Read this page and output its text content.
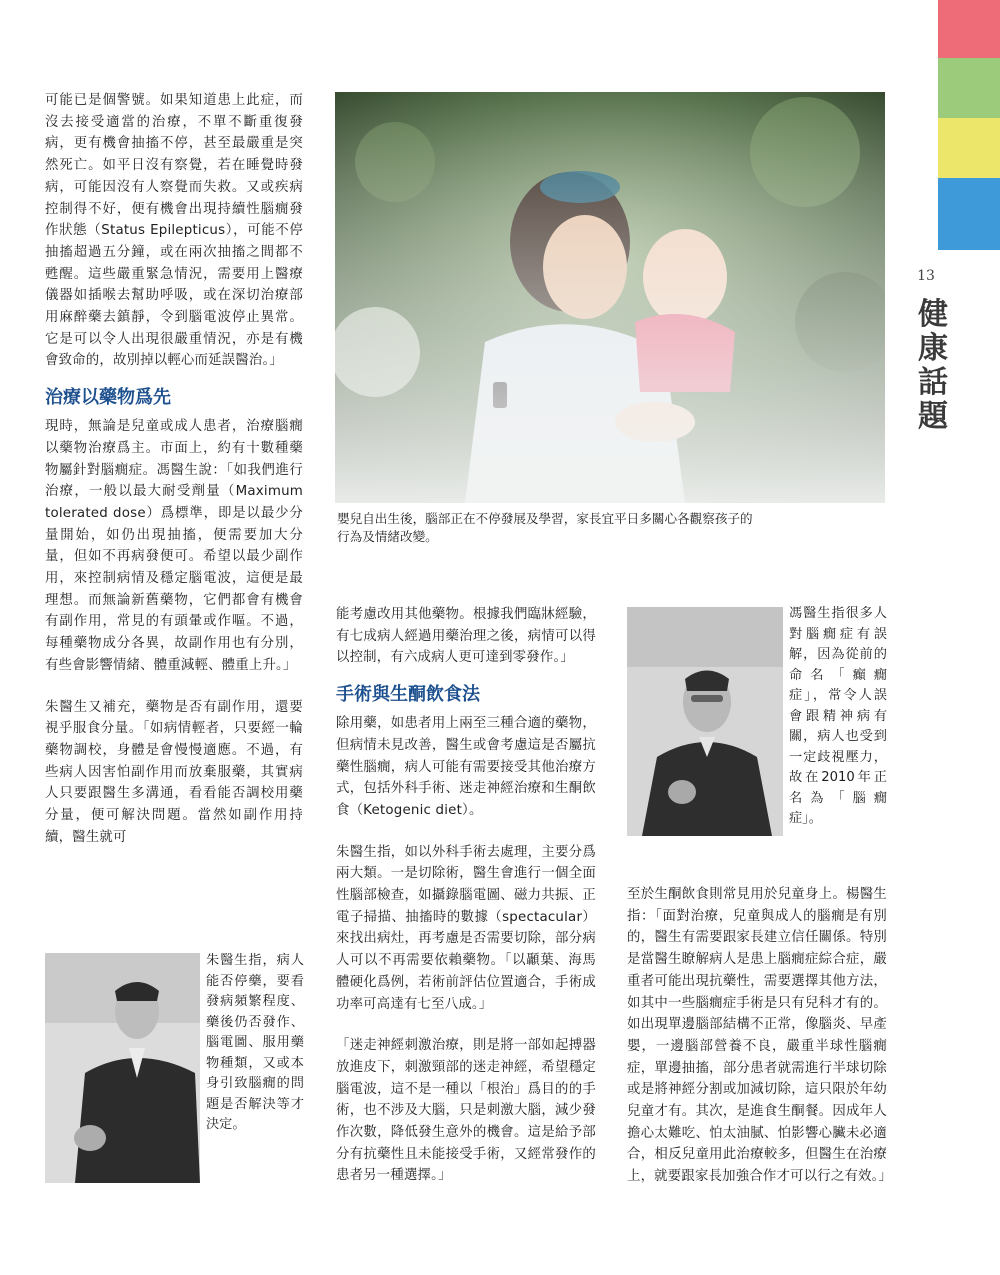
13
健
康
話
題

可能已是個警號。如果知道患上此症，而沒去接受適當的治療，不單不斷重復發病，更有機會抽搐不停，甚至最嚴重是突然死亡。如平日沒有察覺，若在睡覺時發病，可能因沒有人察覺而失救。又或疾病控制得不好，便有機會出現持續性腦癇發作狀態（Status Epilepticus），可能不停抽搐超過五分鐘，或在兩次抽搐之間都不甦醒。這些嚴重緊急情況，需要用上醫療儀器如插喉去幫助呼吸，或在深切治療部用麻醉藥去鎮靜，令到腦電波停止異常。它是可以令人出現很嚴重情況，亦是有機會致命的，故別掉以輕心而延誤醫治。」

治療以藥物爲先

現時，無論是兒童或成人患者，治療腦癇以藥物治療爲主。市面上，約有十數種藥物屬針對腦癇症。馮醫生說：「如我們進行治療，一般以最大耐受劑量（Maximum tolerated dose）爲標準，即是以最少分量開始，如仍出現抽搐，便需要加大分量，但如不再病發便可。希望以最少副作用，來控制病情及穩定腦電波，這便是最理想。而無論新舊藥物，它們都會有機會有副作用，常見的有頭暈或作嘔。不過，每種藥物成分各異，故副作用也有分別，有些會影響情緒、體重減輕、體重上升。」

朱醫生又補充，藥物是否有副作用，還要視乎服食分量。「如病情輕者，只要經一輪藥物調校，身體是會慢慢適應。不過，有些病人因害怕副作用而放棄服藥，其實病人只要跟醫生多溝通，看看能否調校用藥分量，便可解決問題。當然如副作用持續，醫生就可

嬰兒自出生後，腦部正在不停發展及學習，家長宜平日多關心各觀察孩子的行為及情緒改變。

能考慮改用其他藥物。根據我們臨牀經驗，有七成病人經過用藥治理之後，病情可以得以控制，有六成病人更可達到零發作。」

手術與生酮飲食法

除用藥，如患者用上兩至三種合適的藥物，但病情未見改善，醫生或會考慮這是否屬抗藥性腦癇，病人可能有需要接受其他治療方式，包括外科手術、迷走神經治療和生酮飲食（Ketogenic diet）。

朱醫生指，如以外科手術去處理，主要分爲兩大類。一是切除術，醫生會進行一個全面性腦部檢查，如攝錄腦電圖、磁力共振、正電子掃描、抽搐時的數據（spectacular）來找出病灶，再考慮是否需要切除，部分病人可以不再需要依賴藥物。「以顳葉、海馬體硬化爲例，若術前評估位置適合，手術成功率可高達有七至八成。」

「迷走神經刺激治療，則是將一部如起搏器放進皮下，刺激頸部的迷走神經，希望穩定腦電波，這不是一種以「根治」爲目的的手術，也不涉及大腦，只是刺激大腦，減少發作次數，降低發生意外的機會。這是給予部分有抗藥性且未能接受手術，又經常發作的患者另一種選擇。」

馮醫生指很多人對腦癇症有誤解，因為從前的命名「癲癇症」，常令人誤會跟精神病有關，病人也受到一定歧視壓力，故在2010年正名為「腦癇症」。
朱醫生指，病人能否停藥，要看發病頻繁程度、藥後仍否發作、腦電圖、服用藥物種類，又或本身引致腦癇的問題是否解決等才決定。

至於生酮飲食則常見用於兒童身上。楊醫生指：「面對治療，兒童與成人的腦癇是有別的，醫生有需要跟家長建立信任關係。特別是當醫生瞭解病人是患上腦癇症綜合症，嚴重者可能出現抗藥性，需要選擇其他方法，如其中一些腦癇症手術是只有兒科才有的。如出現單邊腦部結構不正常，像腦炎、早產嬰，一邊腦部營養不良，嚴重半球性腦癇症，單邊抽搐，部分患者就需進行半球切除或是將神經分割或加減切除，這只限於年幼兒童才有。其次，是進食生酮餐。因成年人擔心太難吃、怕太油膩、怕影響心臟未必適合，相反兒童用此治療較多，但醫生在治療上，就要跟家長加強合作才可以行之有效。」
